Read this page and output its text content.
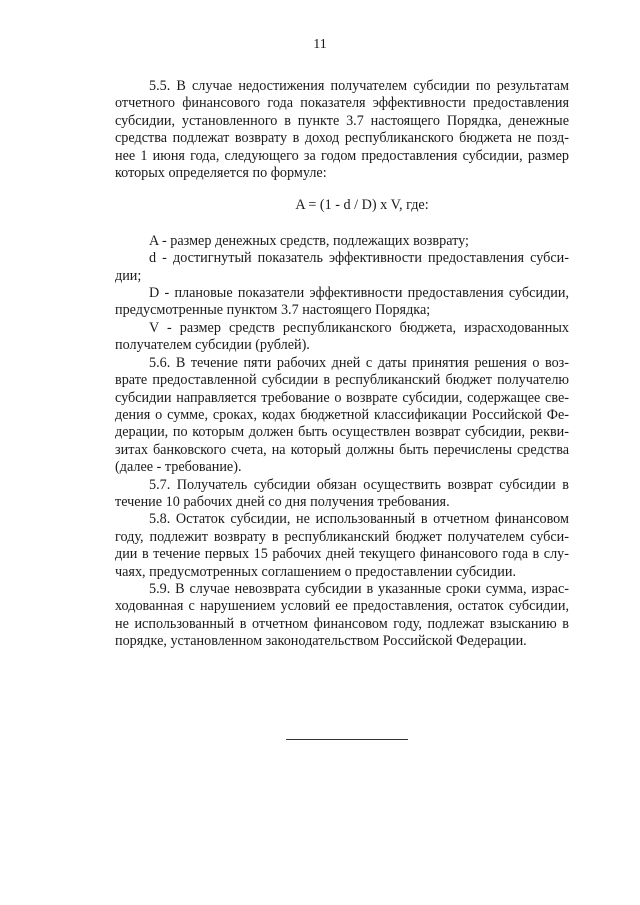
11
5.5. В случае недостижения получателем субсидии по результатам
отчетного финансового года показателя эффективности предоставления
субсидии, установленного в пункте 3.7 настоящего Порядка, денежные
средства подлежат возврату в доход республиканского бюджета не позд-
нее 1 июня года, следующего за годом предоставления субсидии, размер
которых определяется по формуле:
A = (1 - d / D) x V, где:
A - размер денежных средств, подлежащих возврату;
d - достигнутый показатель эффективности предоставления субси-
дии;
D - плановые показатели эффективности предоставления субсидии,
предусмотренные пунктом 3.7 настоящего Порядка;
V - размер средств республиканского бюджета, израсходованных
получателем субсидии (рублей).
5.6. В течение пяти рабочих дней с даты принятия решения о воз-
врате предоставленной субсидии в республиканский бюджет получателю
субсидии направляется требование о возврате субсидии, содержащее све-
дения о сумме, сроках, кодах бюджетной классификации Российской Фе-
дерации, по которым должен быть осуществлен возврат субсидии, рекви-
зитах банковского счета, на который должны быть перечислены средства
(далее - требование).
5.7. Получатель субсидии обязан осуществить возврат субсидии в
течение 10 рабочих дней со дня получения требования.
5.8. Остаток субсидии, не использованный в отчетном финансовом
году, подлежит возврату в республиканский бюджет получателем субси-
дии в течение первых 15 рабочих дней текущего финансового года в слу-
чаях, предусмотренных соглашением о предоставлении субсидии.
5.9. В случае невозврата субсидии в указанные сроки сумма, израс-
ходованная с нарушением условий ее предоставления, остаток субсидии,
не использованный в отчетном финансовом году, подлежат взысканию в
порядке, установленном законодательством Российской Федерации.
